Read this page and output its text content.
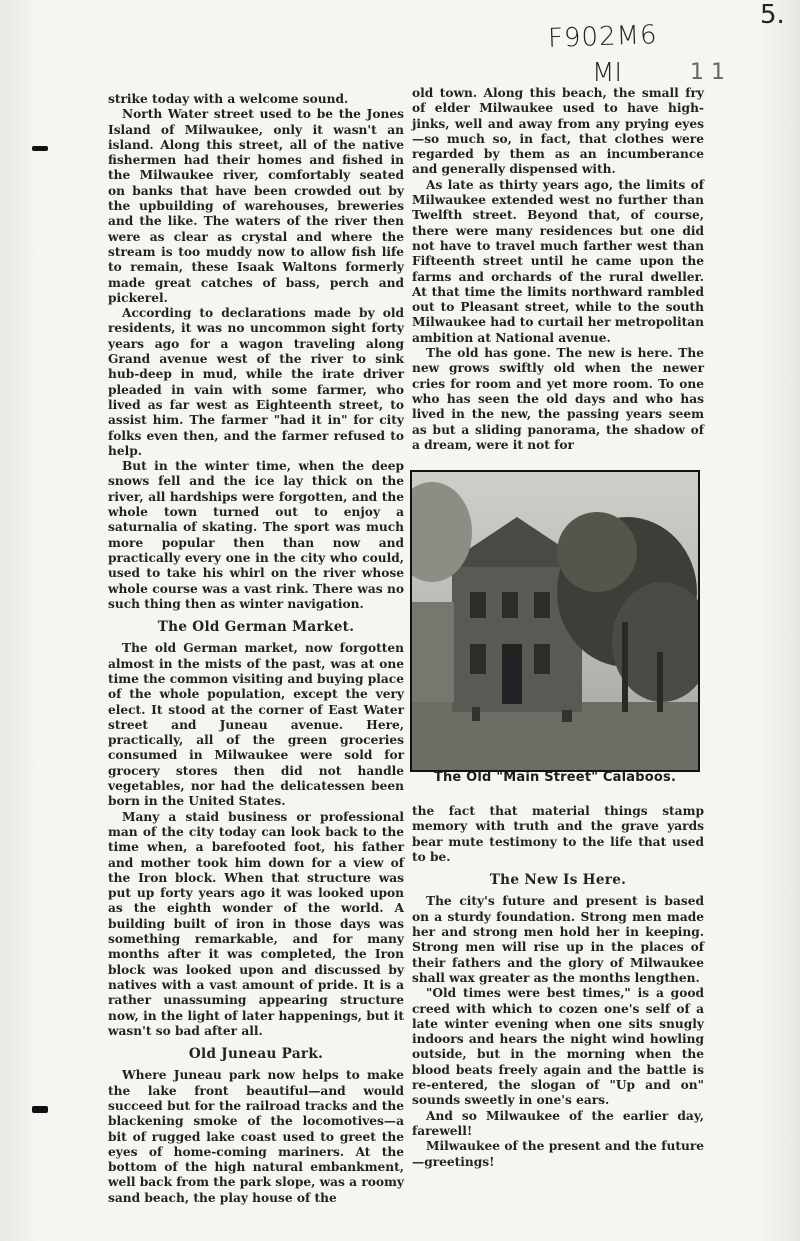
F902M6
MI	1 1
5.

strike today with a welcome sound.

North Water street used to be the Jones Island of Milwaukee, only it wasn't an island. Along this street, all of the native fishermen had their homes and fished in the Milwaukee river, comfortably seated on banks that have been crowded out by the upbuilding of warehouses, breweries and the like. The waters of the river then were as clear as crystal and where the stream is too muddy now to allow fish life to remain, these Isaak Waltons formerly made great catches of bass, perch and pickerel.

According to declarations made by old residents, it was no uncommon sight forty years ago for a wagon traveling along Grand avenue west of the river to sink hub-deep in mud, while the irate driver pleaded in vain with some farmer, who lived as far west as Eighteenth street, to assist him. The farmer "had it in" for city folks even then, and the farmer refused to help.

But in the winter time, when the deep snows fell and the ice lay thick on the river, all hardships were forgotten, and the whole town turned out to enjoy a saturnalia of skating. The sport was much more popular then than now and practically every one in the city who could, used to take his whirl on the river whose whole course was a vast rink. There was no such thing then as winter navigation.

The Old German Market.

The old German market, now forgotten almost in the mists of the past, was at one time the common visiting and buying place of the whole population, except the very elect. It stood at the corner of East Water street and Juneau avenue. Here, practically, all of the green groceries consumed in Milwaukee were sold for grocery stores then did not handle vegetables, nor had the delicatessen been born in the United States.

Many a staid business or professional man of the city today can look back to the time when, a barefooted foot, his father and mother took him down for a view of the Iron block. When that structure was put up forty years ago it was looked upon as the eighth wonder of the world. A building built of iron in those days was something remarkable, and for many months after it was completed, the Iron block was looked upon and discussed by natives with a vast amount of pride. It is a rather unassuming appearing structure now, in the light of later happenings, but it wasn't so bad after all.

Old Juneau Park.

Where Juneau park now helps to make the lake front beautiful—and would succeed but for the railroad tracks and the blackening smoke of the locomotives—a bit of rugged lake coast used to greet the eyes of home-coming mariners. At the bottom of the high natural embankment, well back from the park slope, was a roomy sand beach, the play house of the

old town. Along this beach, the small fry of elder Milwaukee used to have high-jinks, well and away from any prying eyes—so much so, in fact, that clothes were regarded by them as an incumberance and generally dispensed with.

As late as thirty years ago, the limits of Milwaukee extended west no further than Twelfth street. Beyond that, of course, there were many residences but one did not have to travel much farther west than Fifteenth street until he came upon the farms and orchards of the rural dweller. At that time the limits northward rambled out to Pleasant street, while to the south Milwaukee had to curtail her metropolitan ambition at National avenue.

The old has gone. The new is here. The new grows swiftly old when the newer cries for room and yet more room. To one who has seen the old days and who has lived in the new, the passing years seem as but a sliding panorama, the shadow of a dream, were it not for

The Old "Main Street" Calaboos.

the fact that material things stamp memory with truth and the grave yards bear mute testimony to the life that used to be.

The New Is Here.

The city's future and present is based on a sturdy foundation. Strong men made her and strong men hold her in keeping. Strong men will rise up in the places of their fathers and the glory of Milwaukee shall wax greater as the months lengthen.

"Old times were best times," is a good creed with which to cozen one's self of a late winter evening when one sits snugly indoors and hears the night wind howling outside, but in the morning when the blood beats freely again and the battle is re-entered, the slogan of "Up and on" sounds sweetly in one's ears.

And so Milwaukee of the earlier day, farewell!

Milwaukee of the present and the future—greetings!
